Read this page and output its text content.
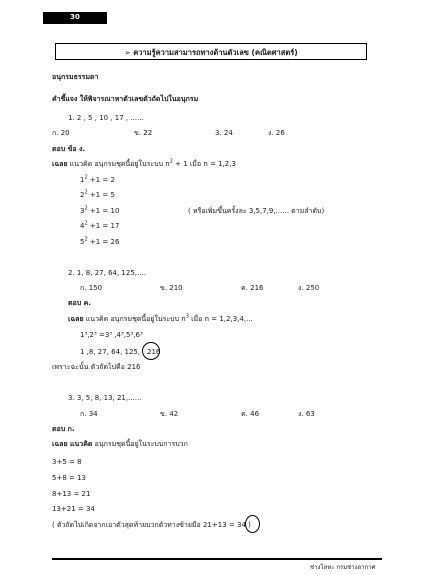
30
➢ ความรู้ความสามารถทางด้านตัวเลข (คณิตศาสตร์)
อนุกรมธรรมดา
คำชี้แจง ให้พิจารณาหาตัวเลขตัวถัดไปในอนุกรม
1. 2 , 5 , 10 , 17 , ......
ก. 20	ข. 22	3. 24	ง. 26
ตอบ ข้อ ง.
เฉลย แนวคิด อนุกรมชุดนี้อยู่ในระบบ $n^2 + 1$ เมื่อ n = 1,2,3
$1^2 +1 = 2$
$2^2 +1 = 5$
$3^2 +1 = 10$	( หรือเพิ่มขึ้นครั้งละ 3,5,7,9,...... ตามลำดับ)
$4^2 +1 = 17$
$5^2 +1 = 26$
2. 1, 8, 27, 64, 125,....
ก. 150	ข. 210	ค. 216	ง. 250
ตอบ ค.
เฉลย แนวคิด อนุกรมชุดนี้อยู่ในระบบ $n^3$ เมื่อ n = 1,2,3,4,...
1³,2³ =3³ ,4³,5³,6³
1 ,8, 27, 64, 125, 216
เพราะฉะนั้น ตัวถัดไปคือ 216
3. 3, 5, 8, 13, 21,......
ก. 34	ข. 42	ค. 46	ง. 63
ตอบ ก.
เฉลย แนวคิด อนุกรมชุดนี้อยู่ในระบบการบวก
3+5 = 8
5+8 = 13
8+13 = 21
13+21 = 34
( ตัวถัดไปเกิดจากเอาตัวสุดท้ายบวกตัวทางซ้ายมือ 21+13 = 34 )
ช่างโลหะ กรมช่างอากาศ
